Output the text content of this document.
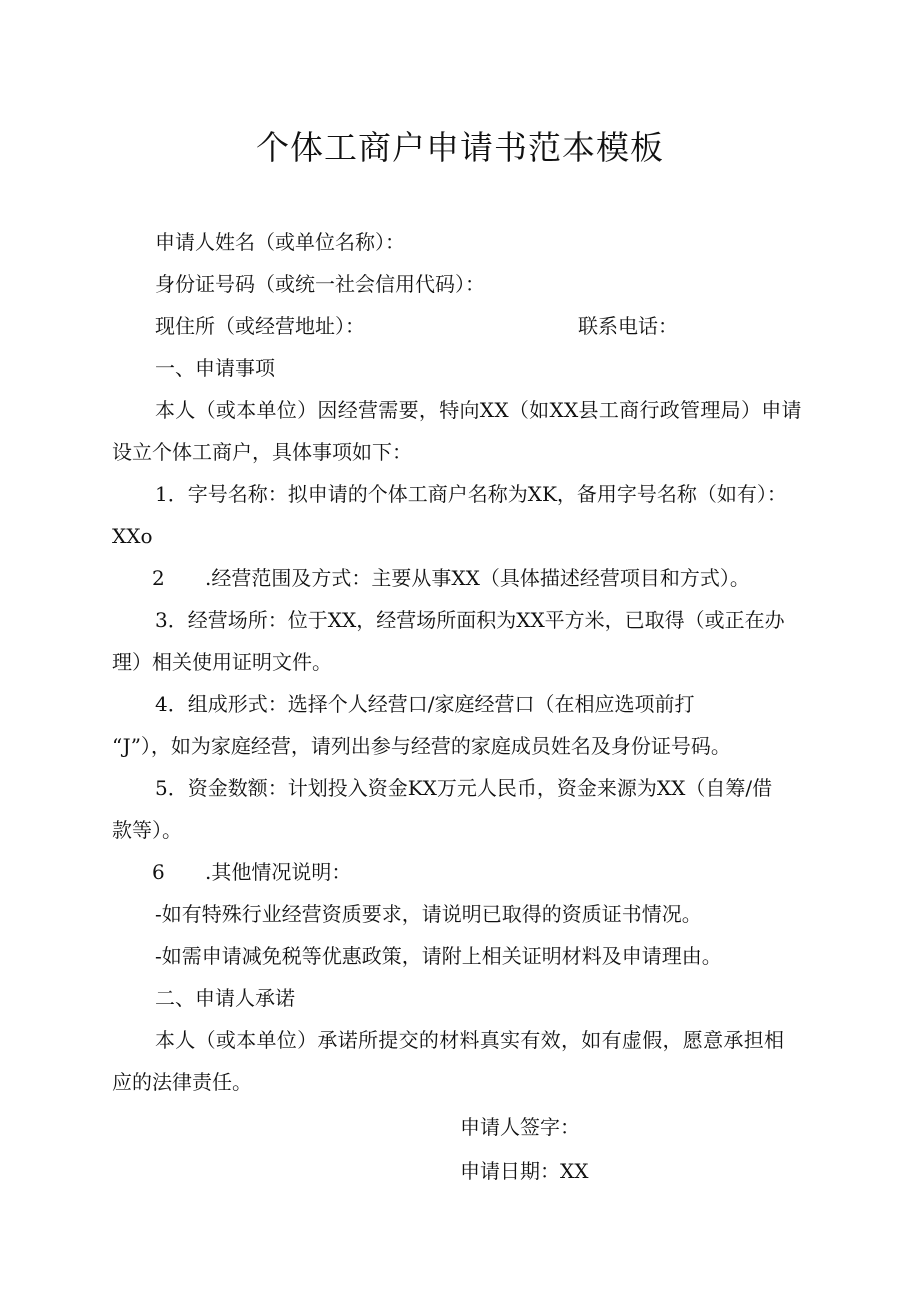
个体工商户申请书范本模板

申请人姓名（或单位名称）：

身份证号码（或统一社会信用代码）：

现住所（或经营地址）：	联系电话：

一、申请事项

本人（或本单位）因经营需要，特向XX（如XX县工商行政管理局）申请

设立个体工商户，具体事项如下：

1．字号名称：拟申请的个体工商户名称为XK，备用字号名称（如有）：

XXo

2 .经营范围及方式：主要从事XX（具体描述经营项目和方式）。

3．经营场所：位于XX，经营场所面积为XX平方米，已取得（或正在办

理）相关使用证明文件。

4．组成形式：选择个人经营口/家庭经营口（在相应选项前打

“J”），如为家庭经营，请列出参与经营的家庭成员姓名及身份证号码。

5．资金数额：计划投入资金KX万元人民币，资金来源为XX（自筹/借

款等）。

6 .其他情况说明：

-如有特殊行业经营资质要求，请说明已取得的资质证书情况。

-如需申请减免税等优惠政策，请附上相关证明材料及申请理由。

二、申请人承诺

本人（或本单位）承诺所提交的材料真实有效，如有虚假，愿意承担相

应的法律责任。

申请人签字：

申请日期：XX
